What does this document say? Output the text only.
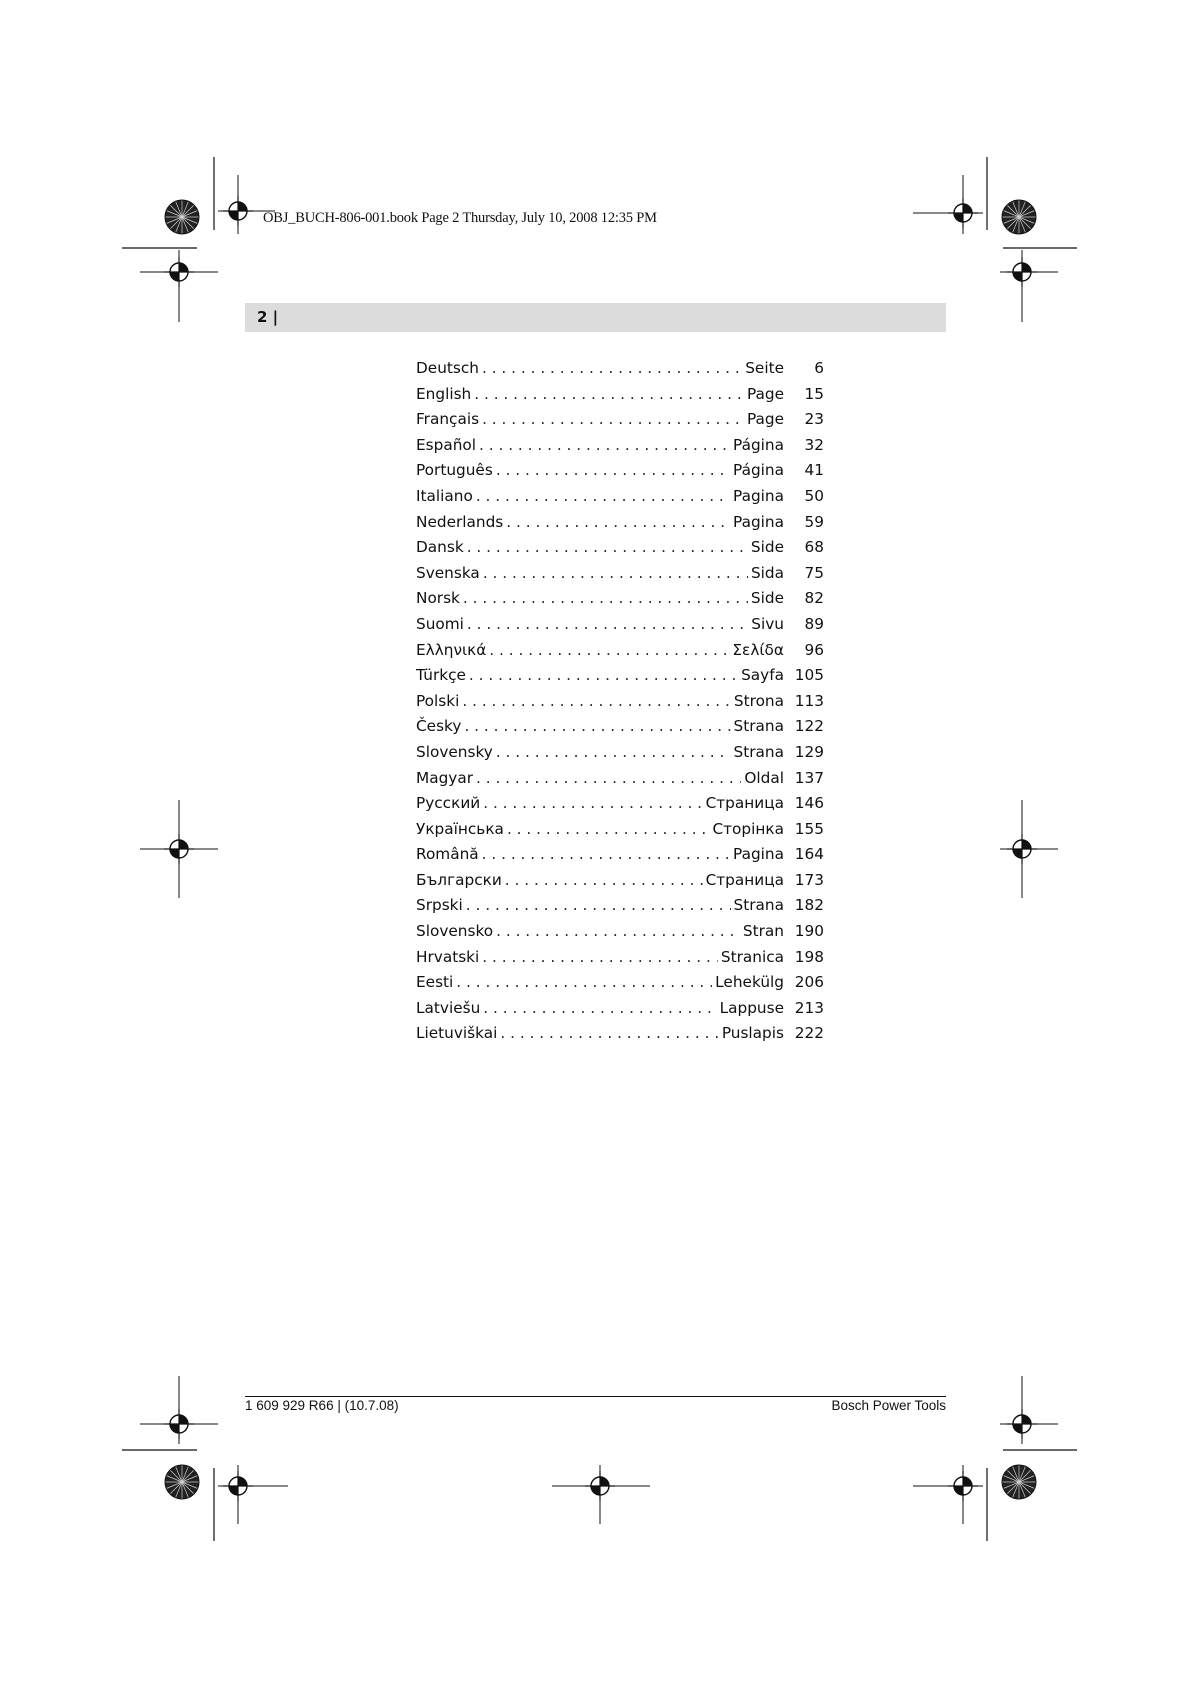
OBJ_BUCH-806-001.book Page 2 Thursday, July 10, 2008 12:35 PM
2 |
Deutsch . . .	Seite	6
English . . .	Page	15
Français . . .	Page	23
Español . . .	Página	32
Português . . .	Página	41
Italiano . . .	Pagina	50
Nederlands . . .	Pagina	59
Dansk . . .	Side	68
Svenska . . .	Sida	75
Norsk . . .	Side	82
Suomi . . .	Sivu	89
Ελληνικά . . .	Σελίδα	96
Türkçe . . .	Sayfa 105
Polski . . .	Strona 113
Česky . . .	Strana 122
Slovensky . . .	Strana 129
Magyar . . .	Oldal 137
Русский . . .	Страница 146
Українська . . .	Сторінка 155
Română . . .	Pagina 164
Български . . .	Страница 173
Srpski . . .	Strana 182
Slovensko . . .	Stran 190
Hrvatski . . .	Stranica 198
Eesti . . .	Lehekülg 206
Latviešu . . .	Lappuse 213
Lietuviškai . . .	Puslapis 222
1 609 929 R66 | (10.7.08)	Bosch Power Tools
